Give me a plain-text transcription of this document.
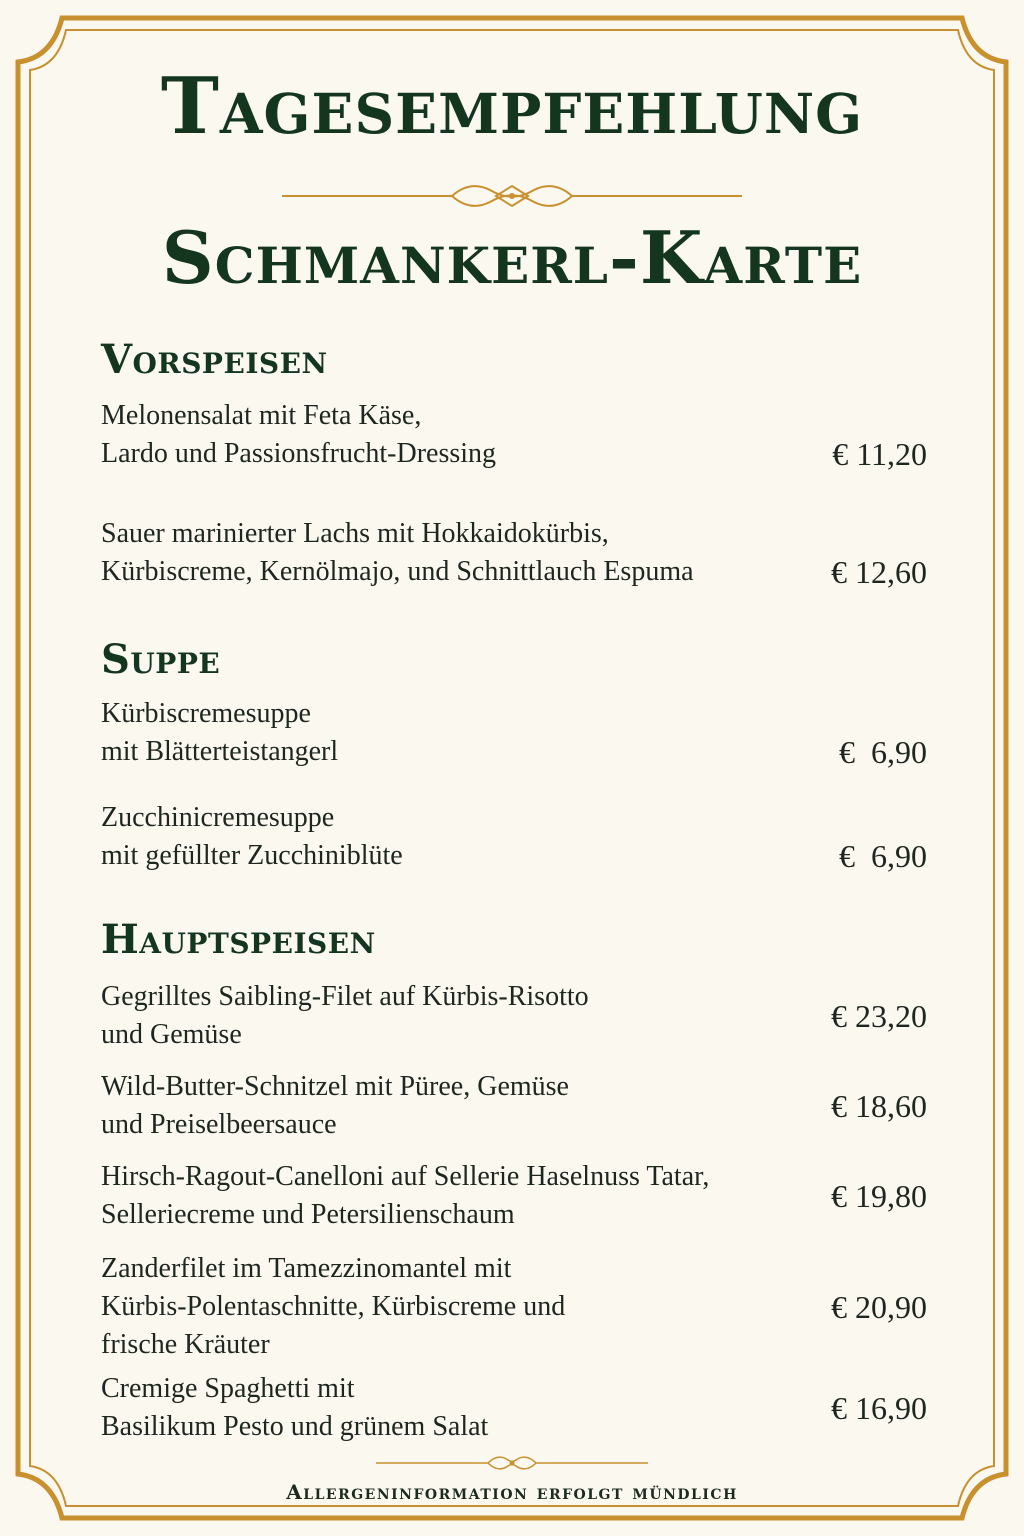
Tagesempfehlung
Schmankerl-Karte
Vorspeisen
Melonensalat mit Feta Käse,
Lardo und Passionsfrucht-Dressing	€ 11,20
Sauer marinierter Lachs mit Hokkaidokürbis,
Kürbiscreme, Kernölmajo, und Schnittlauch Espuma	€ 12,60
Suppe
Kürbiscremesuppe
mit Blätterteistangerl	€  6,90
Zucchinicremesuppe
mit gefüllter Zucchiniblüte	€  6,90
Hauptspeisen
Gegrilltes Saibling-Filet auf Kürbis-Risotto
und Gemüse
€ 23,20
Wild-Butter-Schnitzel mit Püree, Gemüse
und Preiselbeersauce
€ 18,60
Hirsch-Ragout-Canelloni auf Sellerie Haselnuss Tatar,
Selleriecreme und Petersilienschaum
€ 19,80
Zanderfilet im Tamezzinomantel mit
Kürbis-Polentaschnitte, Kürbiscreme und
frische Kräuter
€ 20,90
Cremige Spaghetti mit
Basilikum Pesto und grünem Salat
€ 16,90
Allergeninformation erfolgt mündlich
